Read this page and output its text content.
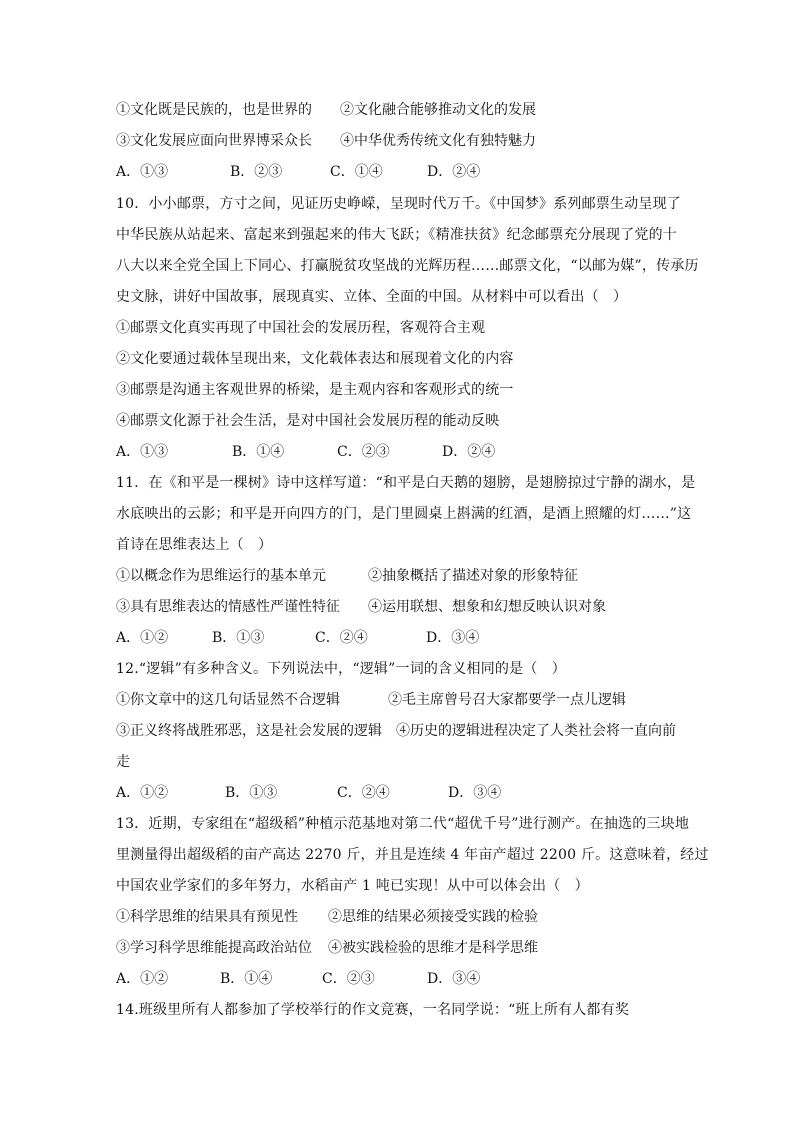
①文化既是民族的，也是世界的 ②文化融合能够推动文化的发展
③文化发展应面向世界博采众长 ④中华优秀传统文化有独特魅力
A．①③	B．②③	C．①④	D．②④
10．小小邮票，方寸之间，见证历史峥嵘，呈现时代万千。《中国梦》系列邮票生动呈现了
中华民族从站起来、富起来到强起来的伟大飞跃；《精准扶贫》纪念邮票充分展现了党的十
八大以来全党全国上下同心、打赢脱贫攻坚战的光辉历程……邮票文化，“以邮为媒”，传承历
史文脉，讲好中国故事，展现真实、立体、全面的中国。从材料中可以看出（　）
①邮票文化真实再现了中国社会的发展历程，客观符合主观
②文化要通过载体呈现出来，文化载体表达和展现着文化的内容
③邮票是沟通主客观世界的桥梁，是主观内容和客观形式的统一
④邮票文化源于社会生活，是对中国社会发展历程的能动反映
A．①③	B．①④	C．②③	D．②④
11．在《和平是一棵树》诗中这样写道：“和平是白天鹅的翅膀，是翅膀掠过宁静的湖水，是
水底映出的云影；和平是开向四方的门，是门里圆桌上斟满的红酒，是酒上照耀的灯……”这
首诗在思维表达上（　）
①以概念作为思维运行的基本单元	②抽象概括了描述对象的形象特征
③具有思维表达的情感性严谨性特征 ④运用联想、想象和幻想反映认识对象
A．①②	B．①③	C．②④	D．③④
12.“逻辑”有多种含义。下列说法中，“逻辑”一词的含义相同的是（　）
①你文章中的这几句话显然不合逻辑	②毛主席曾号召大家都要学一点儿逻辑
③正义终将战胜邪恶，这是社会发展的逻辑 ④历史的逻辑进程决定了人类社会将一直向前
走
A．①②	B．①③	C．②④	D．③④
13．近期，专家组在“超级稻”种植示范基地对第二代“超优千号”进行测产。在抽选的三块地
里测量得出超级稻的亩产高达 2270 斤，并且是连续 4 年亩产超过 2200 斤。这意味着，经过
中国农业学家们的多年努力，水稻亩产 1 吨已实现！从中可以体会出（　）
①科学思维的结果具有预见性 ②思维的结果必须接受实践的检验
③学习科学思维能提高政治站位 ④被实践检验的思维才是科学思维
A．①②	B．①④	C．②③	D．③④
14.班级里所有人都参加了学校举行的作文竞赛，一名同学说：“班上所有人都有奖
